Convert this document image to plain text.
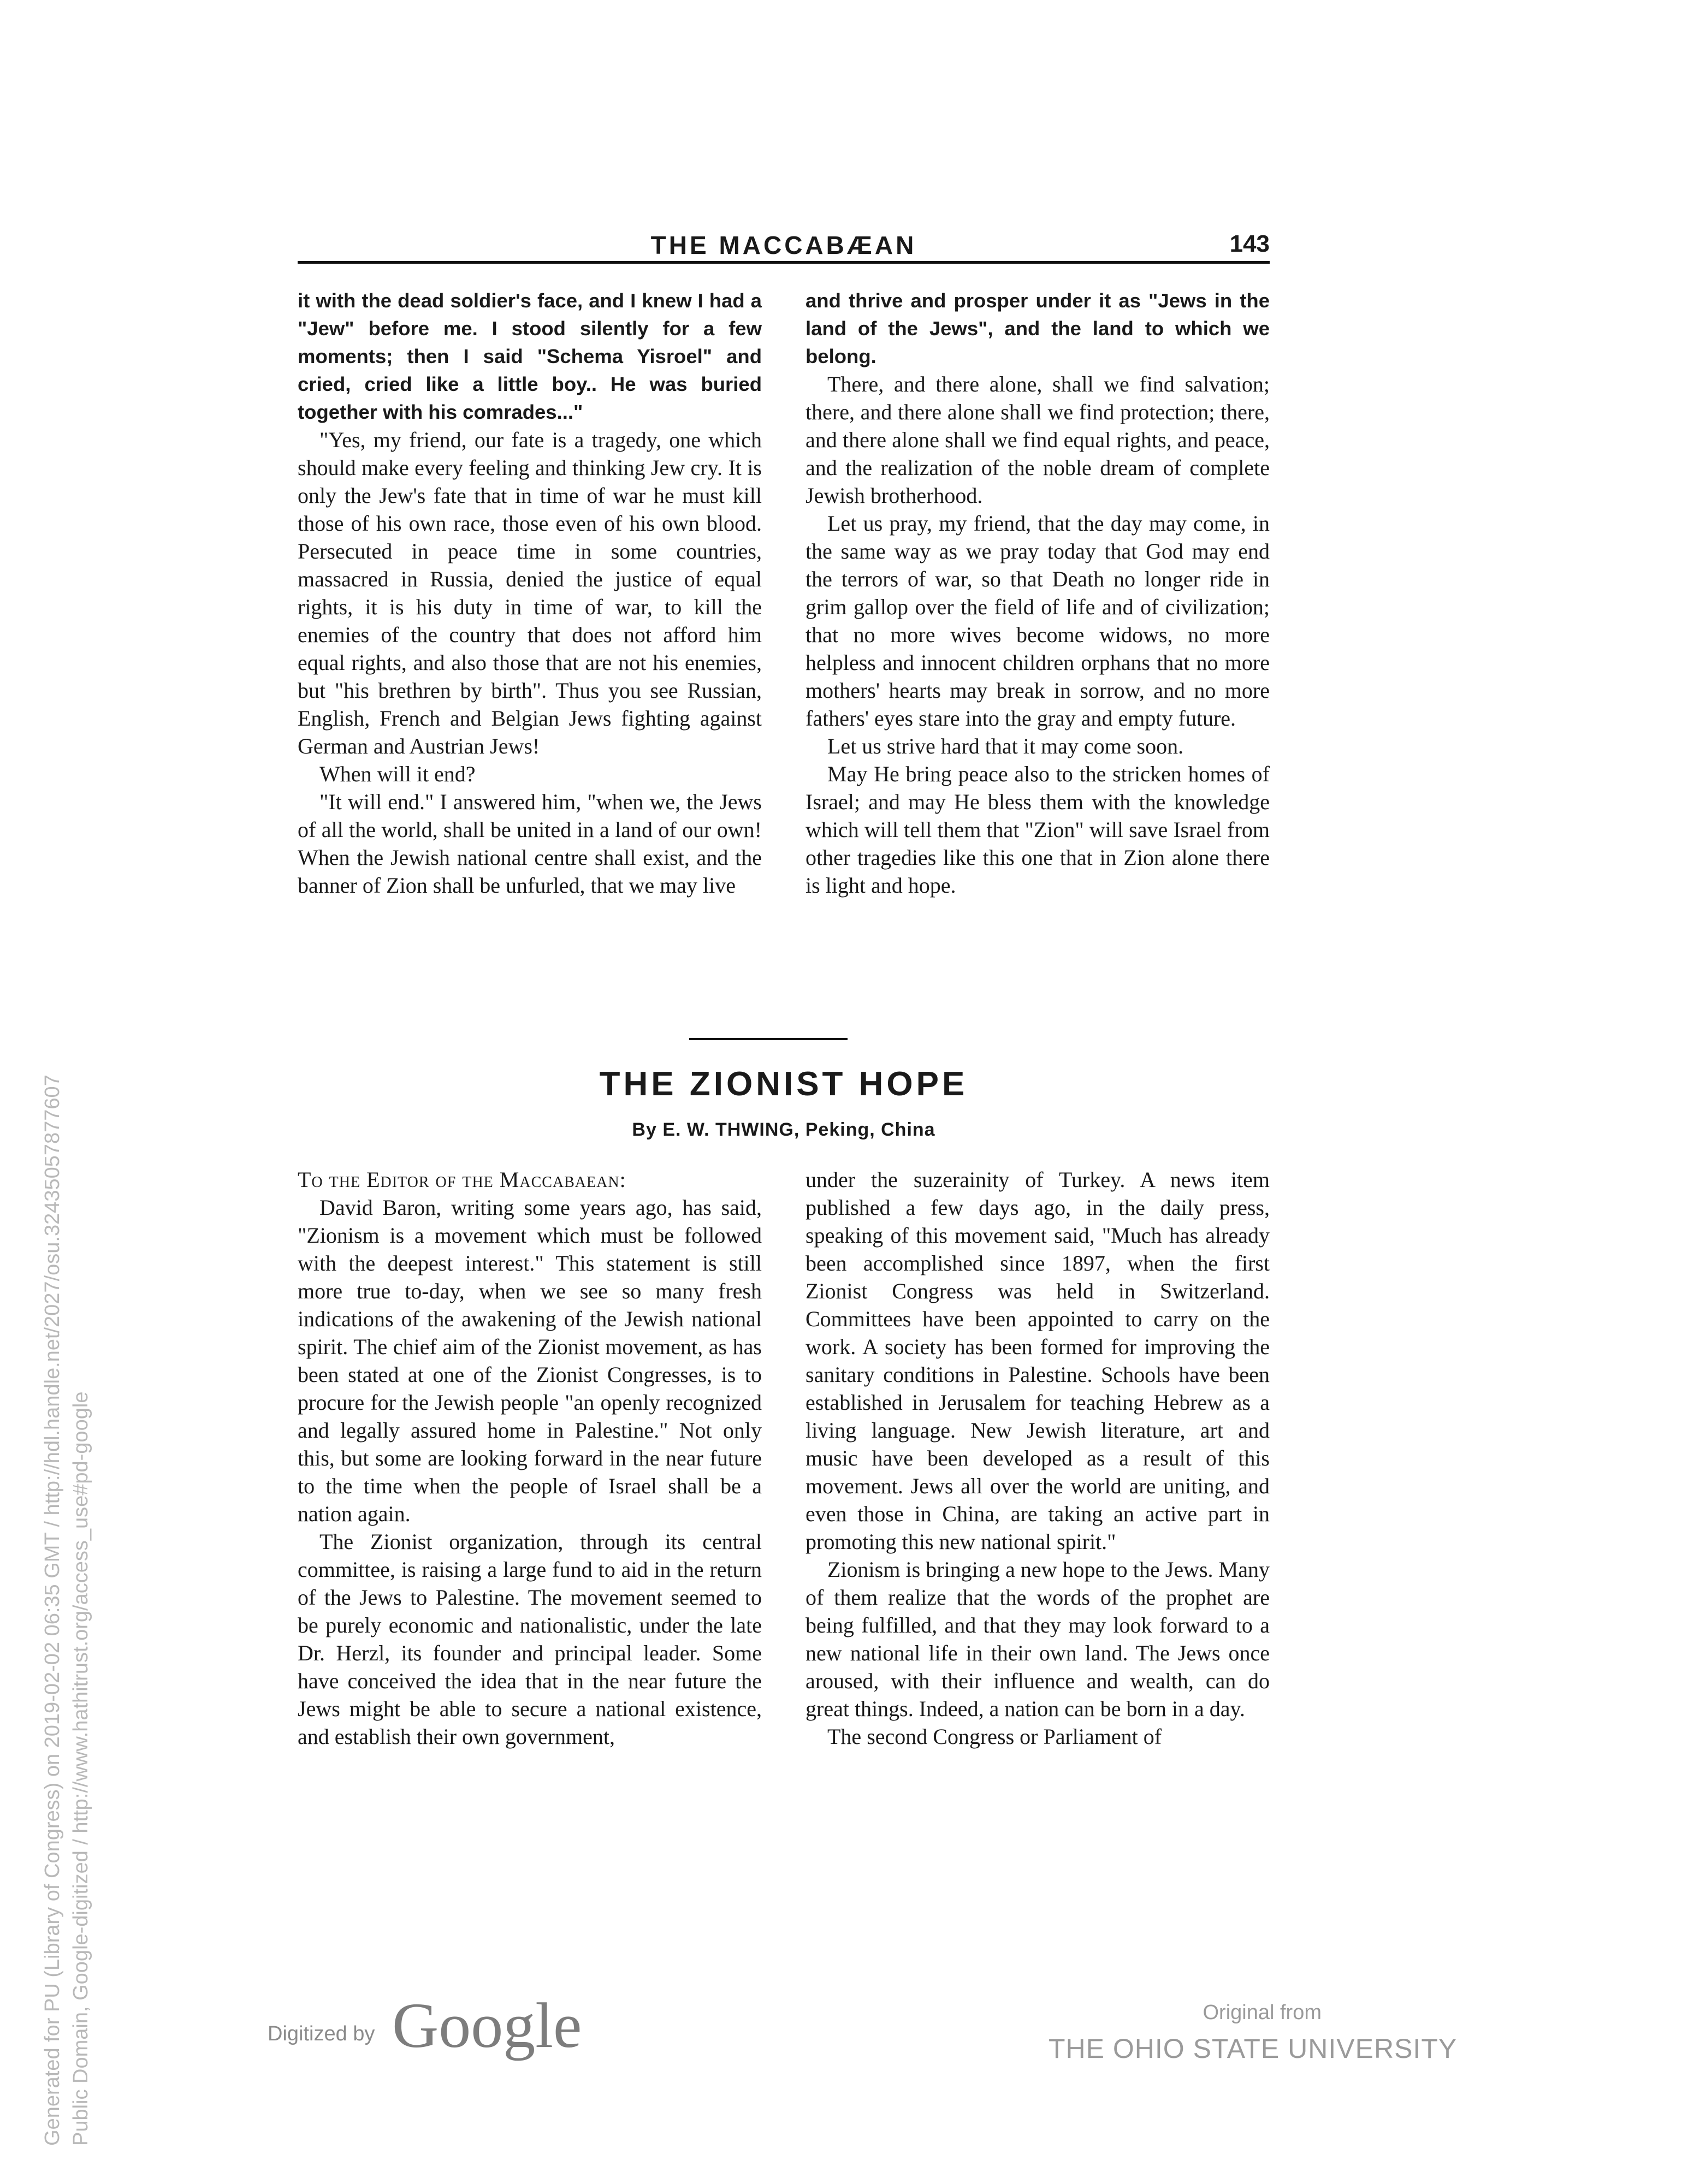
THE MACCABÆAN	143

it with the dead soldier's face, and I knew I had a "Jew" before me. I stood silently for a few moments; then I said "Schema Yisroel" and cried, cried like a little boy.. He was buried together with his comrades..."

"Yes, my friend, our fate is a tragedy, one which should make every feeling and thinking Jew cry. It is only the Jew's fate that in time of war he must kill those of his own race, those even of his own blood. Persecuted in peace time in some countries, massacred in Russia, denied the justice of equal rights, it is his duty in time of war, to kill the enemies of the country that does not afford him equal rights, and also those that are not his enemies, but "his brethren by birth". Thus you see Russian, English, French and Belgian Jews fighting against German and Austrian Jews!

When will it end?

"It will end." I answered him, "when we, the Jews of all the world, shall be united in a land of our own! When the Jewish national centre shall exist, and the banner of Zion shall be unfurled, that we may live

and thrive and prosper under it as "Jews in the land of the Jews", and the land to which we belong.

There, and there alone, shall we find salvation; there, and there alone shall we find protection; there, and there alone shall we find equal rights, and peace, and the realization of the noble dream of complete Jewish brotherhood.

Let us pray, my friend, that the day may come, in the same way as we pray today that God may end the terrors of war, so that Death no longer ride in grim gallop over the field of life and of civilization; that no more wives become widows, no more helpless and innocent children orphans that no more mothers' hearts may break in sorrow, and no more fathers' eyes stare into the gray and empty future.

Let us strive hard that it may come soon.

May He bring peace also to the stricken homes of Israel; and may He bless them with the knowledge which will tell them that "Zion" will save Israel from other tragedies like this one that in Zion alone there is light and hope.

THE ZIONIST HOPE
By E. W. THWING, Peking, China

To the Editor of the Maccabaean:

David Baron, writing some years ago, has said, "Zionism is a movement which must be followed with the deepest interest." This statement is still more true to-day, when we see so many fresh indications of the awakening of the Jewish national spirit. The chief aim of the Zionist movement, as has been stated at one of the Zionist Congresses, is to procure for the Jewish people "an openly recognized and legally assured home in Palestine." Not only this, but some are looking forward in the near future to the time when the people of Israel shall be a nation again.

The Zionist organization, through its central committee, is raising a large fund to aid in the return of the Jews to Palestine. The movement seemed to be purely economic and nationalistic, under the late Dr. Herzl, its founder and principal leader. Some have conceived the idea that in the near future the Jews might be able to secure a national existence, and establish their own government,

under the suzerainity of Turkey. A news item published a few days ago, in the daily press, speaking of this movement said, "Much has already been accomplished since 1897, when the first Zionist Congress was held in Switzerland. Committees have been appointed to carry on the work. A society has been formed for improving the sanitary conditions in Palestine. Schools have been established in Jerusalem for teaching Hebrew as a living language. New Jewish literature, art and music have been developed as a result of this movement. Jews all over the world are uniting, and even those in China, are taking an active part in promoting this new national spirit."

Zionism is bringing a new hope to the Jews. Many of them realize that the words of the prophet are being fulfilled, and that they may look forward to a new national life in their own land. The Jews once aroused, with their influence and wealth, can do great things. Indeed, a nation can be born in a day.

The second Congress or Parliament of

Digitized by Google	Original from
THE OHIO STATE UNIVERSITY
Generated for PU (Library of Congress) on 2019-02-02 06:35 GMT / http://hdl.handle.net/2027/osu.32435057877607 Public Domain, Google-digitized / http://www.hathitrust.org/access_use#pd-google
